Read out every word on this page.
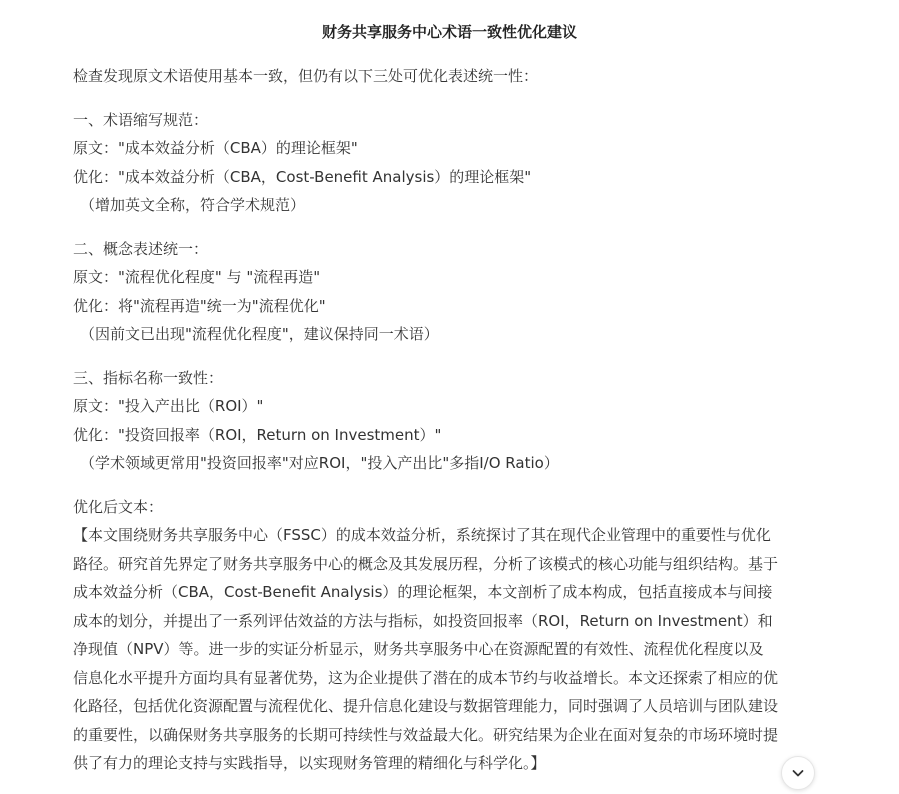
财务共享服务中心术语一致性优化建议
检查发现原文术语使用基本一致，但仍有以下三处可优化表述统一性：
一、术语缩写规范：
原文："成本效益分析（CBA）的理论框架"
优化："成本效益分析（CBA，Cost-Benefit Analysis）的理论框架"
（增加英文全称，符合学术规范）
二、概念表述统一：
原文："流程优化程度" 与 "流程再造"
优化：将"流程再造"统一为"流程优化"
（因前文已出现"流程优化程度"，建议保持同一术语）
三、指标名称一致性：
原文："投入产出比（ROI）"
优化："投资回报率（ROI，Return on Investment）"
（学术领域更常用"投资回报率"对应ROI，"投入产出比"多指I/O Ratio）
优化后文本：
【本文围绕财务共享服务中心（FSSC）的成本效益分析，系统探讨了其在现代企业管理中的重要性与优化
路径。研究首先界定了财务共享服务中心的概念及其发展历程，分析了该模式的核心功能与组织结构。基于
成本效益分析（CBA，Cost-Benefit Analysis）的理论框架，本文剖析了成本构成，包括直接成本与间接
成本的划分，并提出了一系列评估效益的方法与指标，如投资回报率（ROI，Return on Investment）和
净现值（NPV）等。进一步的实证分析显示，财务共享服务中心在资源配置的有效性、流程优化程度以及
信息化水平提升方面均具有显著优势，这为企业提供了潜在的成本节约与收益增长。本文还探索了相应的优
化路径，包括优化资源配置与流程优化、提升信息化建设与数据管理能力，同时强调了人员培训与团队建设
的重要性，以确保财务共享服务的长期可持续性与效益最大化。研究结果为企业在面对复杂的市场环境时提
供了有力的理论支持与实践指导，以实现财务管理的精细化与科学化。】
